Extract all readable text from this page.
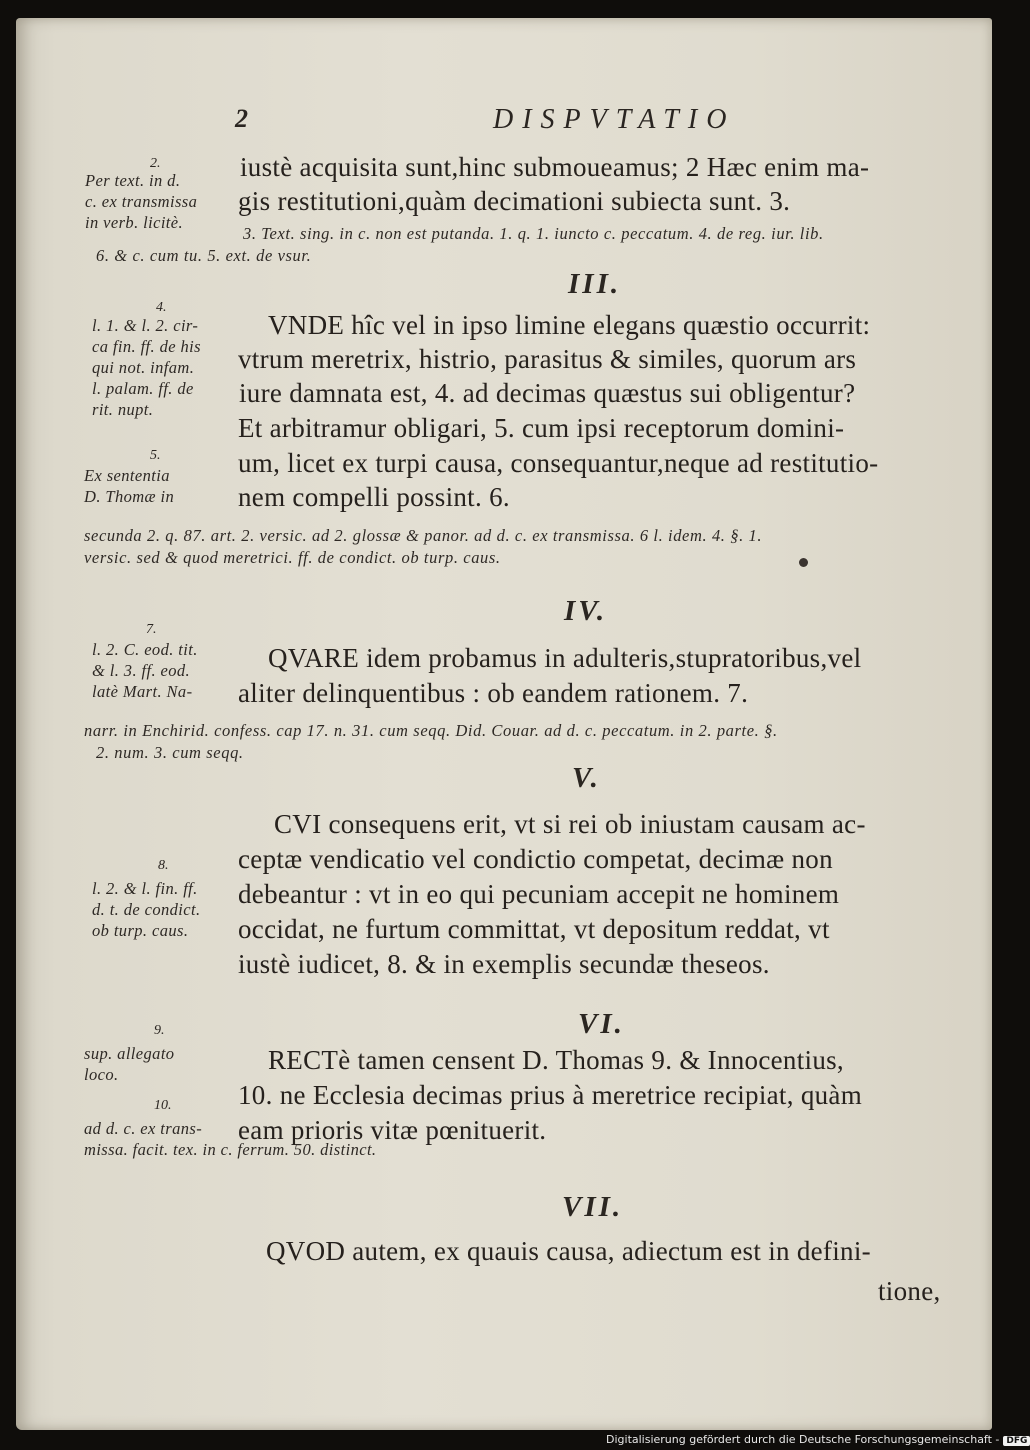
2	DISPVTATIO
2.
Per text. in d.
c. ex transmissa
in verb. licitè.
iustè acquisita sunt,hinc submoueamus; 2 Hæc enim ma-
gis restitutioni,quàm decimationi subiecta sunt. 3.
3. Text. sing. in c. non est putanda. 1. q. 1. iuncto c. peccatum. 4. de reg. iur. lib.
6. & c. cum tu. 5. ext. de vsur.
III.
4.
l. 1. & l. 2. cir-
ca fin. ff. de his
qui not. infam.
l. palam. ff. de
rit. nupt.
VNDE hîc vel in ipso limine elegans quæstio occurrit:
vtrum meretrix, histrio, parasitus & similes, quorum ars
iure damnata est, 4. ad decimas quæstus sui obligentur?
Et arbitramur obligari, 5. cum ipsi receptorum domini-
um, licet ex turpi causa, consequantur,neque ad restitutio-
nem compelli possint. 6.
5.
Ex sententia
D. Thomæ in
secunda 2. q. 87. art. 2. versic. ad 2. glossæ & panor. ad d. c. ex transmissa. 6 l. idem. 4. §. 1.
versic. sed & quod meretrici. ff. de condict. ob turp. caus.
IV.
7.
l. 2. C. eod. tit.
& l. 3. ff. eod.
latè Mart. Na-
QVARE idem probamus in adulteris,stupratoribus,vel
aliter delinquentibus : ob eandem rationem. 7.
narr. in Enchirid. confess. cap 17. n. 31. cum seqq. Did. Couar. ad d. c. peccatum. in 2. parte. §.
2. num. 3. cum seqq.
V.
CVI consequens erit, vt si rei ob iniustam causam ac-
ceptæ vendicatio vel condictio competat, decimæ non
debeantur : vt in eo qui pecuniam accepit ne hominem
occidat, ne furtum committat, vt depositum reddat, vt
iustè iudicet, 8. & in exemplis secundæ theseos.
8.
l. 2. & l. fin. ff.
d. t. de condict.
ob turp. caus.
VI.
9.
sup. allegato
loco.	RECTè tamen censent D. Thomas 9. & Innocentius,
10. 10. ne Ecclesia decimas prius à meretrice recipiat, quàm
eam prioris vitæ pœnituerit.
ad d. c. ex trans-
missa. facit. tex. in c. ferrum. 50. distinct.
VII.
QVOD autem, ex quauis causa, adiectum est in defini-
tione,
Digitalisierung gefördert durch die Deutsche Forschungsgemeinschaft - DFG
